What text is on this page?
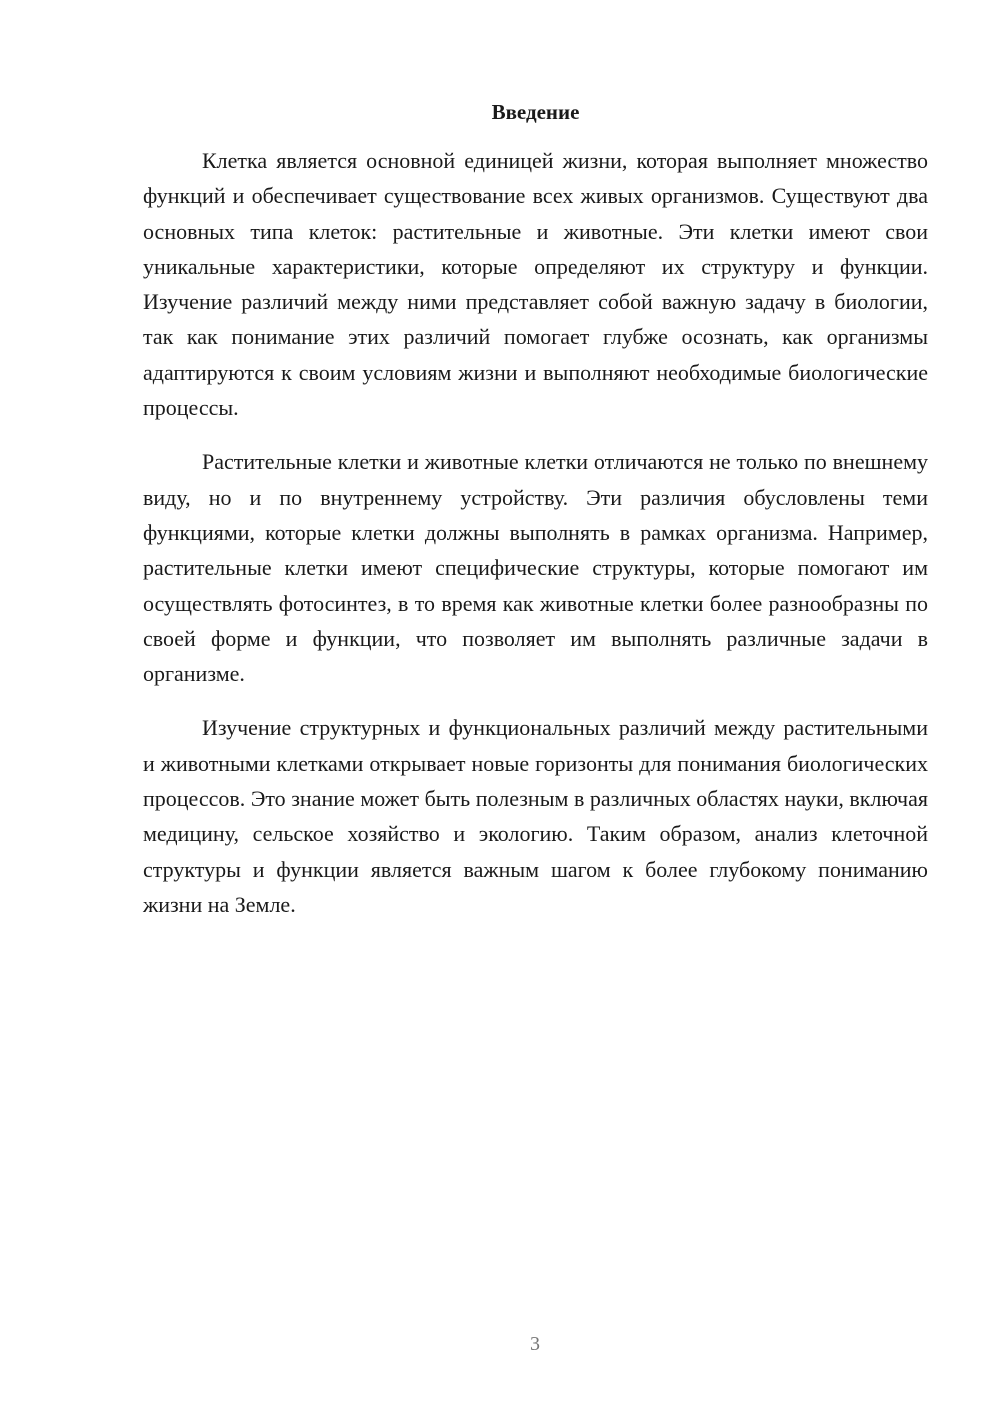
Введение

Клетка является основной единицей жизни, которая выполняет множество функций и обеспечивает существование всех живых организмов. Существуют два основных типа клеток: растительные и животные. Эти клетки имеют свои уникальные характеристики, которые определяют их структуру и функции. Изучение различий между ними представляет собой важную задачу в биологии, так как понимание этих различий помогает глубже осознать, как организмы адаптируются к своим условиям жизни и выполняют необходимые биологические процессы.

Растительные клетки и животные клетки отличаются не только по внешнему виду, но и по внутреннему устройству. Эти различия обусловлены теми функциями, которые клетки должны выполнять в рамках организма. Например, растительные клетки имеют специфические структуры, которые помогают им осуществлять фотосинтез, в то время как животные клетки более разнообразны по своей форме и функции, что позволяет им выполнять различные задачи в организме.

Изучение структурных и функциональных различий между растительными и животными клетками открывает новые горизонты для понимания биологических процессов. Это знание может быть полезным в различных областях науки, включая медицину, сельское хозяйство и экологию. Таким образом, анализ клеточной структуры и функции является важным шагом к более глубокому пониманию жизни на Земле.

3
